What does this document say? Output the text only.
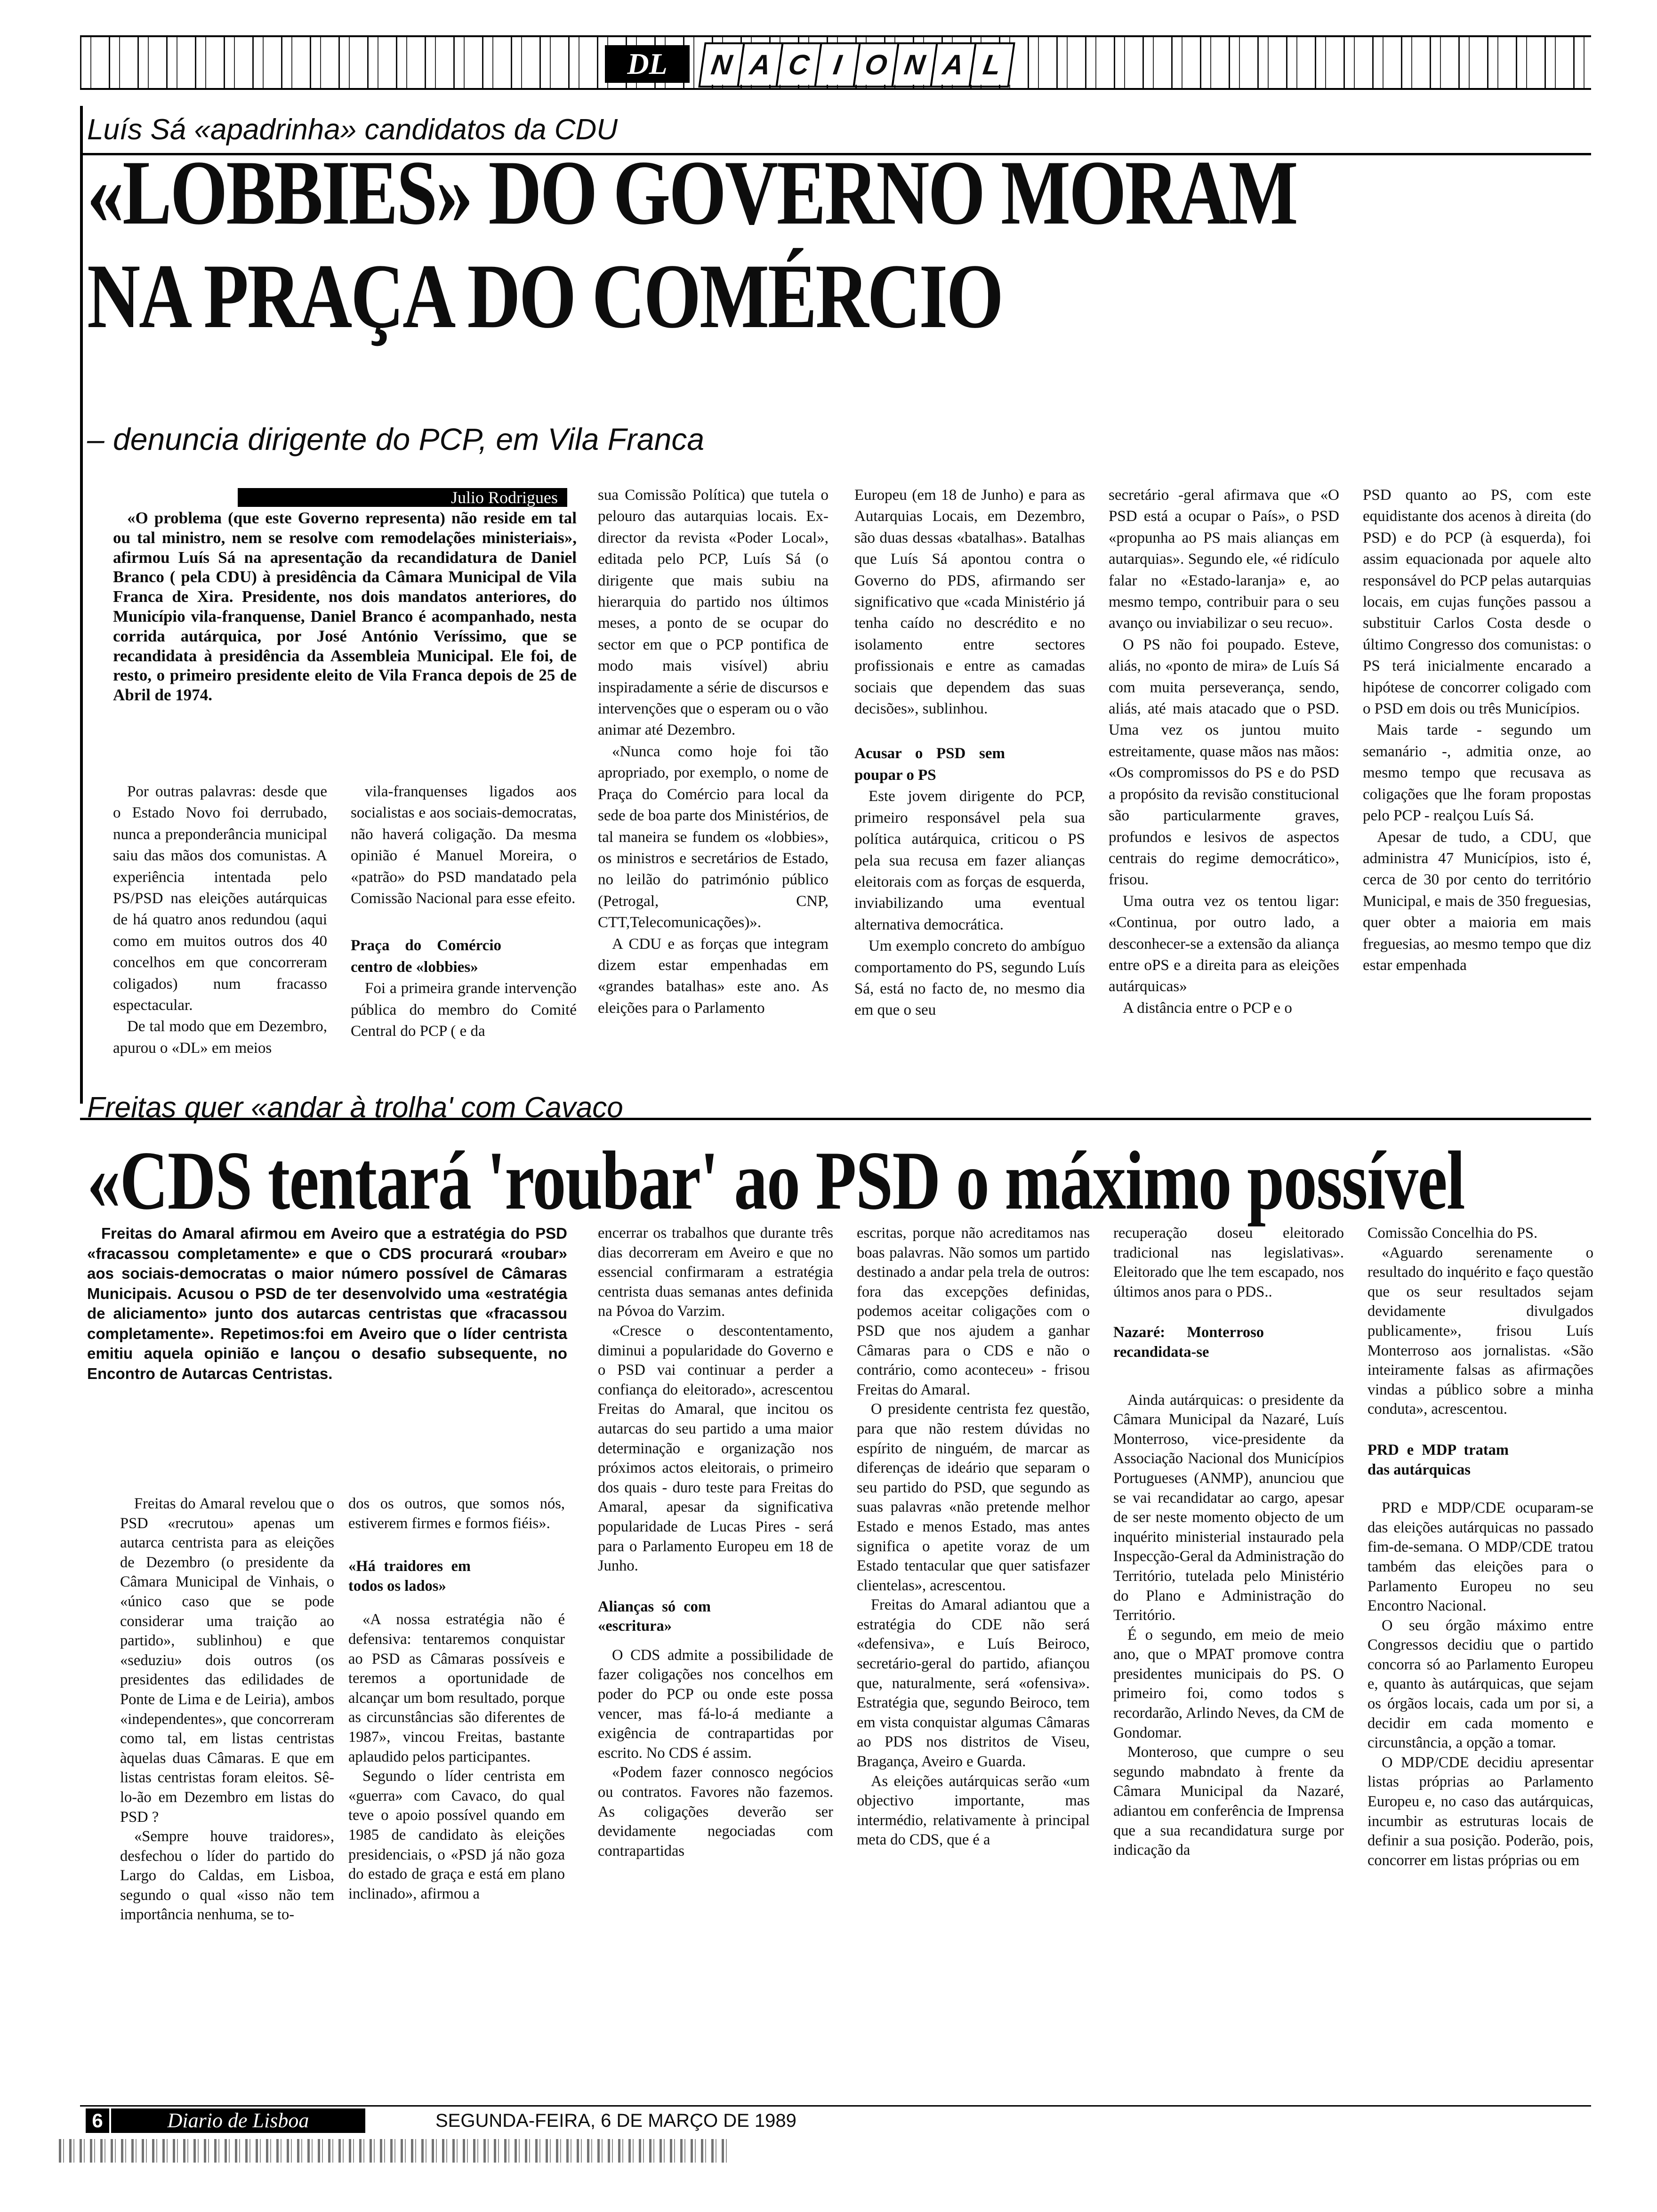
DL	N A C I O N A L
Luís Sá «apadrinha» candidatos da CDU
«LOBBIES» DO GOVERNO MORAM
NA PRAÇA DO COMÉRCIO
– denuncia dirigente do PCP, em Vila Franca
Julio Rodrigues
«O problema (que este Governo representa) não reside em tal ou tal ministro, nem se resolve com remodelações ministeriais», afirmou Luís Sá na apresentação da recandidatura de Daniel Branco ( pela CDU) à presidência da Câmara Municipal de Vila Franca de Xira. Presidente, nos dois mandatos anteriores, do Município vila-franquense, Daniel Branco é acompanhado, nesta corrida autárquica, por José António Veríssimo, que se recandidata à presidência da Assembleia Municipal. Ele foi, de resto, o primeiro presidente eleito de Vila Franca depois de 25 de Abril de 1974.

Por outras palavras: desde que o Estado Novo foi derrubado, nunca a preponderância municipal saiu das mãos dos comunistas. A experiência intentada pelo PS/PSD nas eleições autárquicas de há quatro anos redundou (aqui como em muitos outros dos 40 concelhos em que concorreram coligados) num fracasso espectacular.

De tal modo que em Dezembro, apurou o «DL» em meios

vila-franquenses ligados aos socialistas e aos sociais-democratas, não haverá coligação. Da mesma opinião é Manuel Moreira, o «patrão» do PSD mandatado pela Comissão Nacional para esse efeito.

Praça do Comércio centro de «lobbies»

Foi a primeira grande intervenção pública do membro do Comité Central do PCP ( e da

sua Comissão Política) que tutela o pelouro das autarquias locais. Ex-director da revista «Poder Local», editada pelo PCP, Luís Sá (o dirigente que mais subiu na hierarquia do partido nos últimos meses, a ponto de se ocupar do sector em que o PCP pontifica de modo mais visível) abriu inspiradamente a série de discursos e intervenções que o esperam ou o vão animar até Dezembro.

«Nunca como hoje foi tão apropriado, por exemplo, o nome de Praça do Comércio para local da sede de boa parte dos Ministérios, de tal maneira se fundem os «lobbies», os ministros e secretários de Estado, no leilão do património público (Petrogal, CNP, CTT,Telecomunicações)».

A CDU e as forças que integram dizem estar empenhadas em «grandes batalhas» este ano. As eleições para o Parlamento

Europeu (em 18 de Junho) e para as Autarquias Locais, em Dezembro, são duas dessas «batalhas». Batalhas que Luís Sá apontou contra o Governo do PDS, afirmando ser significativo que «cada Ministério já tenha caído no descrédito e no isolamento entre sectores profissionais e entre as camadas sociais que dependem das suas decisões», sublinhou.

Acusar o PSD sem poupar o PS

Este jovem dirigente do PCP, primeiro responsável pela sua política autárquica, criticou o PS pela sua recusa em fazer alianças eleitorais com as forças de esquerda, inviabilizando uma eventual alternativa democrática.

Um exemplo concreto do ambíguo comportamento do PS, segundo Luís Sá, está no facto de, no mesmo dia em que o seu

secretário -geral afirmava que «O PSD está a ocupar o País», o PSD «propunha ao PS mais alianças em autarquias». Segundo ele, «é ridículo falar no «Estado-laranja» e, ao mesmo tempo, contribuir para o seu avanço ou inviabilizar o seu recuo».

O PS não foi poupado. Esteve, aliás, no «ponto de mira» de Luís Sá com muita perseverança, sendo, aliás, até mais atacado que o PSD. Uma vez os juntou muito estreitamente, quase mãos nas mãos: «Os compromissos do PS e do PSD a propósito da revisão constitucional são particularmente graves, profundos e lesivos de aspectos centrais do regime democrático», frisou.

Uma outra vez os tentou ligar: «Continua, por outro lado, a desconhecer-se a extensão da aliança entre oPS e a direita para as eleições autárquicas»

A distância entre o PCP e o

PSD quanto ao PS, com este equidistante dos acenos à direita (do PSD) e do PCP (à esquerda), foi assim equacionada por aquele alto responsável do PCP pelas autarquias locais, em cujas funções passou a substituir Carlos Costa desde o último Congresso dos comunistas: o PS terá inicialmente encarado a hipótese de concorrer coligado com o PSD em dois ou três Municípios.

Mais tarde - segundo um semanário -, admitia onze, ao mesmo tempo que recusava as coligações que lhe foram propostas pelo PCP - realçou Luís Sá.

Apesar de tudo, a CDU, que administra 47 Municípios, isto é, cerca de 30 por cento do território Municipal, e mais de 350 freguesias, quer obter a maioria em mais freguesias, ao mesmo tempo que diz estar empenhada

Freitas quer «andar à trolha' com Cavaco
«CDS tentará 'roubar' ao PSD o máximo possível
Freitas do Amaral afirmou em Aveiro que a estratégia do PSD «fracassou completamente» e que o CDS procurará «roubar» aos sociais-democratas o maior número possível de Câmaras Municipais. Acusou o PSD de ter desenvolvido uma «estratégia de aliciamento» junto dos autarcas centristas que «fracassou completamente». Repetimos:foi em Aveiro que o líder centrista emitiu aquela opinião e lançou o desafio subsequente, no Encontro de Autarcas Centristas.

Freitas do Amaral revelou que o PSD «recrutou» apenas um autarca centrista para as eleições de Dezembro (o presidente da Câmara Municipal de Vinhais, o «único caso que se pode considerar uma traição ao partido», sublinhou) e que «seduziu» dois outros (os presidentes das edilidades de Ponte de Lima e de Leiria), ambos «independentes», que concorreram como tal, em listas centristas àquelas duas Câmaras. E que em listas centristas foram eleitos. Sê-lo-ão em Dezembro em listas do PSD ?

«Sempre houve traidores», desfechou o líder do partido do Largo do Caldas, em Lisboa, segundo o qual «isso não tem importância nenhuma, se to-

dos os outros, que somos nós, estiverem firmes e formos fiéis».

«Há traidores em todos os lados»

«A nossa estratégia não é defensiva: tentaremos conquistar ao PSD as Câmaras possíveis e teremos a oportunidade de alcançar um bom resultado, porque as circunstâncias são diferentes de 1987», vincou Freitas, bastante aplaudido pelos participantes.

Segundo o líder centrista em «guerra» com Cavaco, do qual teve o apoio possível quando em 1985 de candidato às eleições presidenciais, o «PSD já não goza do estado de graça e está em plano inclinado», afirmou a

encerrar os trabalhos que durante três dias decorreram em Aveiro e que no essencial confirmaram a estratégia centrista duas semanas antes definida na Póvoa do Varzim.

«Cresce o descontentamento, diminui a popularidade do Governo e o PSD vai continuar a perder a confiança do eleitorado», acrescentou Freitas do Amaral, que incitou os autarcas do seu partido a uma maior determinação e organização nos próximos actos eleitorais, o primeiro dos quais - duro teste para Freitas do Amaral, apesar da significativa popularidade de Lucas Pires - será para o Parlamento Europeu em 18 de Junho.

Alianças só com «escritura»

O CDS admite a possibilidade de fazer coligações nos concelhos em poder do PCP ou onde este possa vencer, mas fá-lo-á mediante a exigência de contrapartidas por escrito. No CDS é assim.

«Podem fazer connosco negócios ou contratos. Favores não fazemos. As coligações deverão ser devidamente negociadas com contrapartidas

escritas, porque não acreditamos nas boas palavras. Não somos um partido destinado a andar pela trela de outros: fora das excepções definidas, podemos aceitar coligações com o PSD que nos ajudem a ganhar Câmaras para o CDS e não o contrário, como aconteceu» - frisou Freitas do Amaral.

O presidente centrista fez questão, para que não restem dúvidas no espírito de ninguém, de marcar as diferenças de ideário que separam o seu partido do PSD, que segundo as suas palavras «não pretende melhor Estado e menos Estado, mas antes significa o apetite voraz de um Estado tentacular que quer satisfazer clientelas», acrescentou.

Freitas do Amaral adiantou que a estratégia do CDE não será «defensiva», e Luís Beiroco, secretário-geral do partido, afiançou que, naturalmente, será «ofensiva». Estratégia que, segundo Beiroco, tem em vista conquistar algumas Câmaras ao PDS nos distritos de Viseu, Bragança, Aveiro e Guarda.

As eleições autárquicas serão «um objectivo importante, mas intermédio, relativamente à principal meta do CDS, que é a

recuperação doseu eleitorado tradicional nas legislativas». Eleitorado que lhe tem escapado, nos últimos anos para o PDS..

Nazaré: Monterroso recandidata-se

Ainda autárquicas: o presidente da Câmara Municipal da Nazaré, Luís Monterroso, vice-presidente da Associação Nacional dos Municípios Portugueses (ANMP), anunciou que se vai recandidatar ao cargo, apesar de ser neste momento objecto de um inquérito ministerial instaurado pela Inspecção-Geral da Administração do Território, tutelada pelo Ministério do Plano e Administração do Território.

É o segundo, em meio de meio ano, que o MPAT promove contra presidentes municipais do PS. O primeiro foi, como todos s recordarão, Arlindo Neves, da CM de Gondomar.

Monteroso, que cumpre o seu segundo mabndato à frente da Câmara Municipal da Nazaré, adiantou em conferência de Imprensa que a sua recandidatura surge por indicação da

Comissão Concelhia do PS.

«Aguardo serenamente o resultado do inquérito e faço questão que os seur resultados sejam devidamente divulgados publicamente», frisou Luís Monterroso aos jornalistas. «São inteiramente falsas as afirmações vindas a público sobre a minha conduta», acrescentou.

PRD e MDP tratam das autárquicas

PRD e MDP/CDE ocuparam-se das eleições autárquicas no passado fim-de-semana. O MDP/CDE tratou também das eleições para o Parlamento Europeu no seu Encontro Nacional.

O seu órgão máximo entre Congressos decidiu que o partido concorra só ao Parlamento Europeu e, quanto às autárquicas, que sejam os órgãos locais, cada um por si, a decidir em cada momento e circunstância, a opção a tomar.

O MDP/CDE decidiu apresentar listas próprias ao Parlamento Europeu e, no caso das autárquicas, incumbir as estruturas locais de definir a sua posição. Poderão, pois, concorrer em listas próprias ou em

6	Diario de Lisboa	SEGUNDA-FEIRA, 6 DE MARÇO DE 1989
